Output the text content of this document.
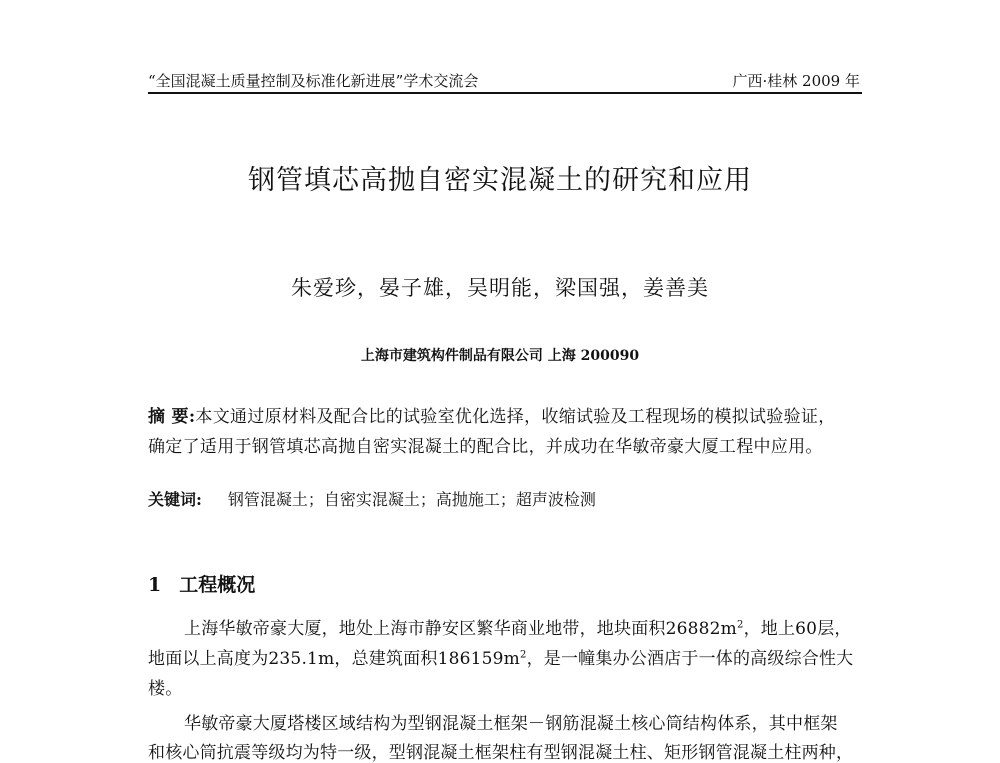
“全国混凝土质量控制及标准化新进展”学术交流会	广西·桂林 2009 年
钢管填芯高抛自密实混凝土的研究和应用
朱爱珍，晏子雄，吴明能，梁国强，姜善美
上海市建筑构件制品有限公司 上海 200090
摘 要:本文通过原材料及配合比的试验室优化选择，收缩试验及工程现场的模拟试验验证，
确定了适用于钢管填芯高抛自密实混凝土的配合比，并成功在华敏帝豪大厦工程中应用。
关键词: 钢管混凝土；自密实混凝土；高抛施工；超声波检测
1 工程概况
上海华敏帝豪大厦，地处上海市静安区繁华商业地带，地块面积$26882m^2$，地上60层，
地面以上高度为235.1m，总建筑面积$186159m^2$，是一幢集办公酒店于一体的高级综合性大
楼。
华敏帝豪大厦塔楼区域结构为型钢混凝土框架－钢筋混凝土核心筒结构体系，其中框架
和核心筒抗震等级均为特一级，型钢混凝土框架柱有型钢混凝土柱、矩形钢管混凝土柱两种，
